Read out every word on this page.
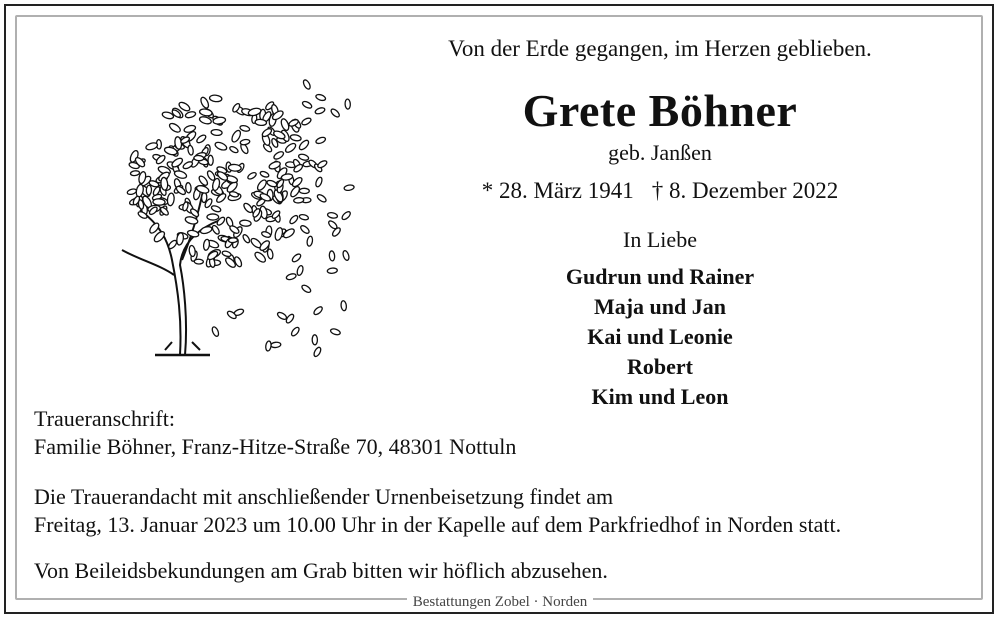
Von der Erde gegangen, im Herzen geblieben.
Grete Böhner
geb. Janßen
* 28. März 1941 † 8. Dezember 2022
In Liebe
Gudrun und Rainer
Maja und Jan
Kai und Leonie
Robert
Kim und Leon
Traueranschrift:
Familie Böhner, Franz-Hitze-Straße 70, 48301 Nottuln
Die Trauerandacht mit anschließender Urnenbeisetzung findet am
Freitag, 13. Januar 2023 um 10.00 Uhr in der Kapelle auf dem Parkfriedhof in Norden statt.
Von Beileidsbekundungen am Grab bitten wir höflich abzusehen.
Bestattungen Zobel · Norden
